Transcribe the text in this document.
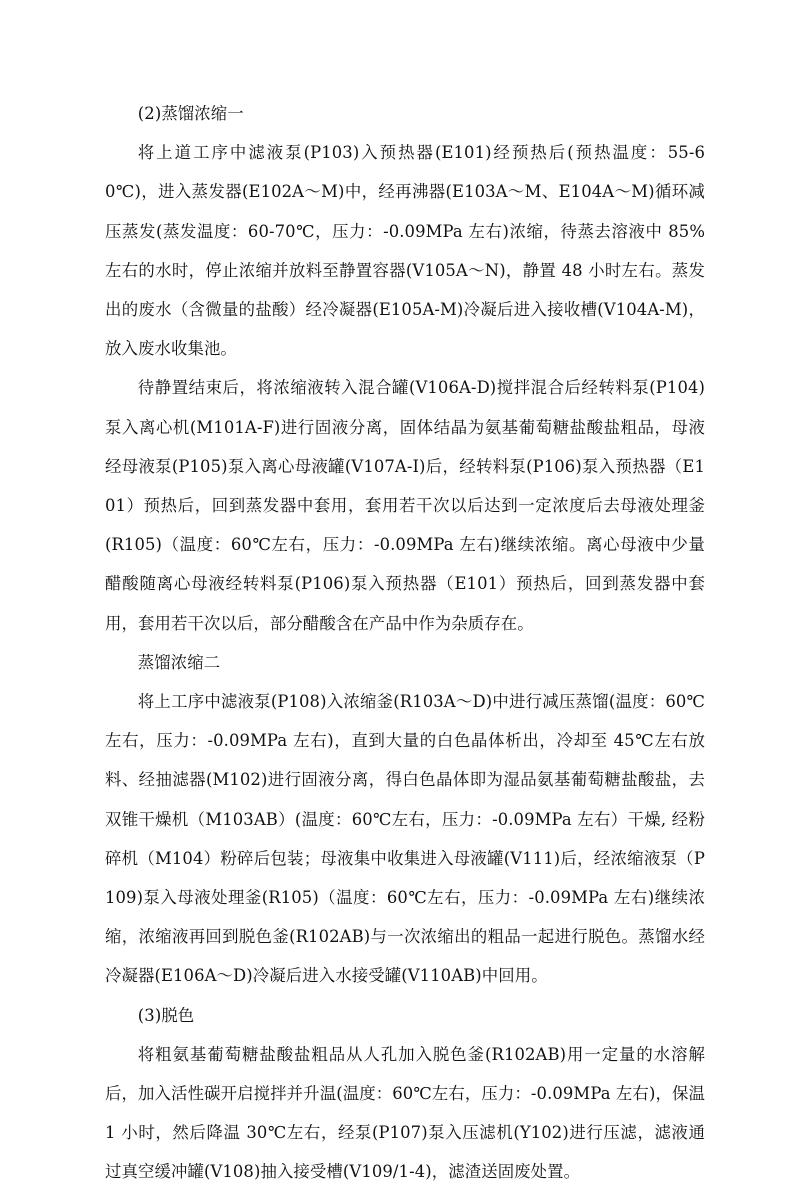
(2)蒸馏浓缩一

将上道工序中滤液泵(P103)入预热器(E101)经预热后(预热温度：55-60℃)，进入蒸发器(E102A～M)中，经再沸器(E103A～M、E104A～M)循环减压蒸发(蒸发温度：60-70℃，压力：-0.09MPa 左右)浓缩，待蒸去溶液中 85%左右的水时，停止浓缩并放料至静置容器(V105A～N)，静置 48 小时左右。蒸发出的废水（含微量的盐酸）经冷凝器(E105A-M)冷凝后进入接收槽(V104A-M)，放入废水收集池。

待静置结束后，将浓缩液转入混合罐(V106A-D)搅拌混合后经转料泵(P104)泵入离心机(M101A-F)进行固液分离，固体结晶为氨基葡萄糖盐酸盐粗品，母液经母液泵(P105)泵入离心母液罐(V107A-I)后，经转料泵(P106)泵入预热器（E101）预热后，回到蒸发器中套用，套用若干次以后达到一定浓度后去母液处理釜(R105)（温度：60℃左右，压力：-0.09MPa 左右)继续浓缩。离心母液中少量醋酸随离心母液经转料泵(P106)泵入预热器（E101）预热后，回到蒸发器中套用，套用若干次以后，部分醋酸含在产品中作为杂质存在。

蒸馏浓缩二

将上工序中滤液泵(P108)入浓缩釜(R103A～D)中进行减压蒸馏(温度：60℃左右，压力：-0.09MPa 左右)，直到大量的白色晶体析出，冷却至 45℃左右放料、经抽滤器(M102)进行固液分离，得白色晶体即为湿品氨基葡萄糖盐酸盐，去双锥干燥机（M103AB）(温度：60℃左右，压力：-0.09MPa 左右）干燥, 经粉碎机（M104）粉碎后包装；母液集中收集进入母液罐(V111)后，经浓缩液泵（P109)泵入母液处理釜(R105)（温度：60℃左右，压力：-0.09MPa 左右)继续浓缩，浓缩液再回到脱色釜(R102AB)与一次浓缩出的粗品一起进行脱色。蒸馏水经冷凝器(E106A～D)冷凝后进入水接受罐(V110AB)中回用。

(3)脱色

将粗氨基葡萄糖盐酸盐粗品从人孔加入脱色釜(R102AB)用一定量的水溶解后，加入活性碳开启搅拌并升温(温度：60℃左右，压力：-0.09MPa 左右)，保温 1 小时，然后降温 30℃左右，经泵(P107)泵入压滤机(Y102)进行压滤，滤液通过真空缓冲罐(V108)抽入接受槽(V109/1-4)，滤渣送固废处置。
